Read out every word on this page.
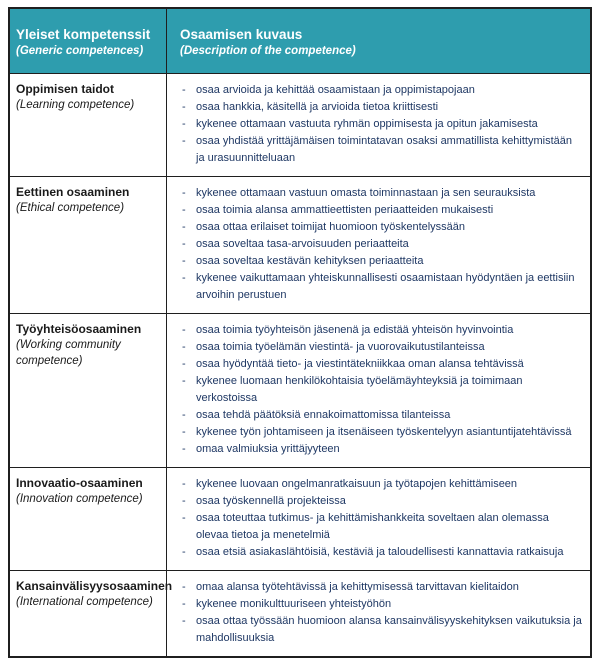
Yleiset kompetenssit
(Generic competences)
Osaamisen kuvaus
(Description of the competence)
Oppimisen taidot
(Learning competence)
- osaa arvioida ja kehittää osaamistaan ja oppimistapojaan
- osaa hankkia, käsitellä ja arvioida tietoa kriittisesti
- kykenee ottamaan vastuuta ryhmän oppimisesta ja opitun jakamisesta
- osaa yhdistää yrittäjämäisen toimintatavan osaksi ammatillista kehittymistään ja urasuunnitteluaan
Eettinen osaaminen
(Ethical competence)
- kykenee ottamaan vastuun omasta toiminnastaan ja sen seurauksista
- osaa toimia alansa ammattieettisten periaatteiden mukaisesti
- osaa ottaa erilaiset toimijat huomioon työskentelyssään
- osaa soveltaa tasa-arvoisuuden periaatteita
- osaa soveltaa kestävän kehityksen periaatteita
- kykenee vaikuttamaan yhteiskunnallisesti osaamistaan hyödyntäen ja eettisiin arvoihin perustuen
Työyhteisöosaaminen
(Working community competence)
- osaa toimia työyhteisön jäsenenä ja edistää yhteisön hyvinvointia
- osaa toimia työelämän viestintä- ja vuorovaikutustilanteissa
- osaa hyödyntää tieto- ja viestintätekniikkaa oman alansa tehtävissä
- kykenee luomaan henkilökohtaisia työelämäyhteyksiä ja toimimaan verkostoissa
- osaa tehdä päätöksiä ennakoimattomissa tilanteissa
- kykenee työn johtamiseen ja itsenäiseen työskentelyyn asiantuntijatehtävissä
- omaa valmiuksia yrittäjyyteen
Innovaatio-osaaminen
(Innovation competence)
- kykenee luovaan ongelmanratkaisuun ja työtapojen kehittämiseen
- osaa työskennellä projekteissa
- osaa toteuttaa tutkimus- ja kehittämishankkeita soveltaen alan olemassa olevaa tietoa ja menetelmiä
- osaa etsiä asiakaslähtöisiä, kestäviä ja taloudellisesti kannattavia ratkaisuja
Kansainvälisyysosaaminen
(International competence)
- omaa alansa työtehtävissä ja kehittymisessä tarvittavan kielitaidon
- kykenee monikulttuuriseen yhteistyöhön
- osaa ottaa työssään huomioon alansa kansainvälisyyskehityksen vaikutuksia ja mahdollisuuksia
